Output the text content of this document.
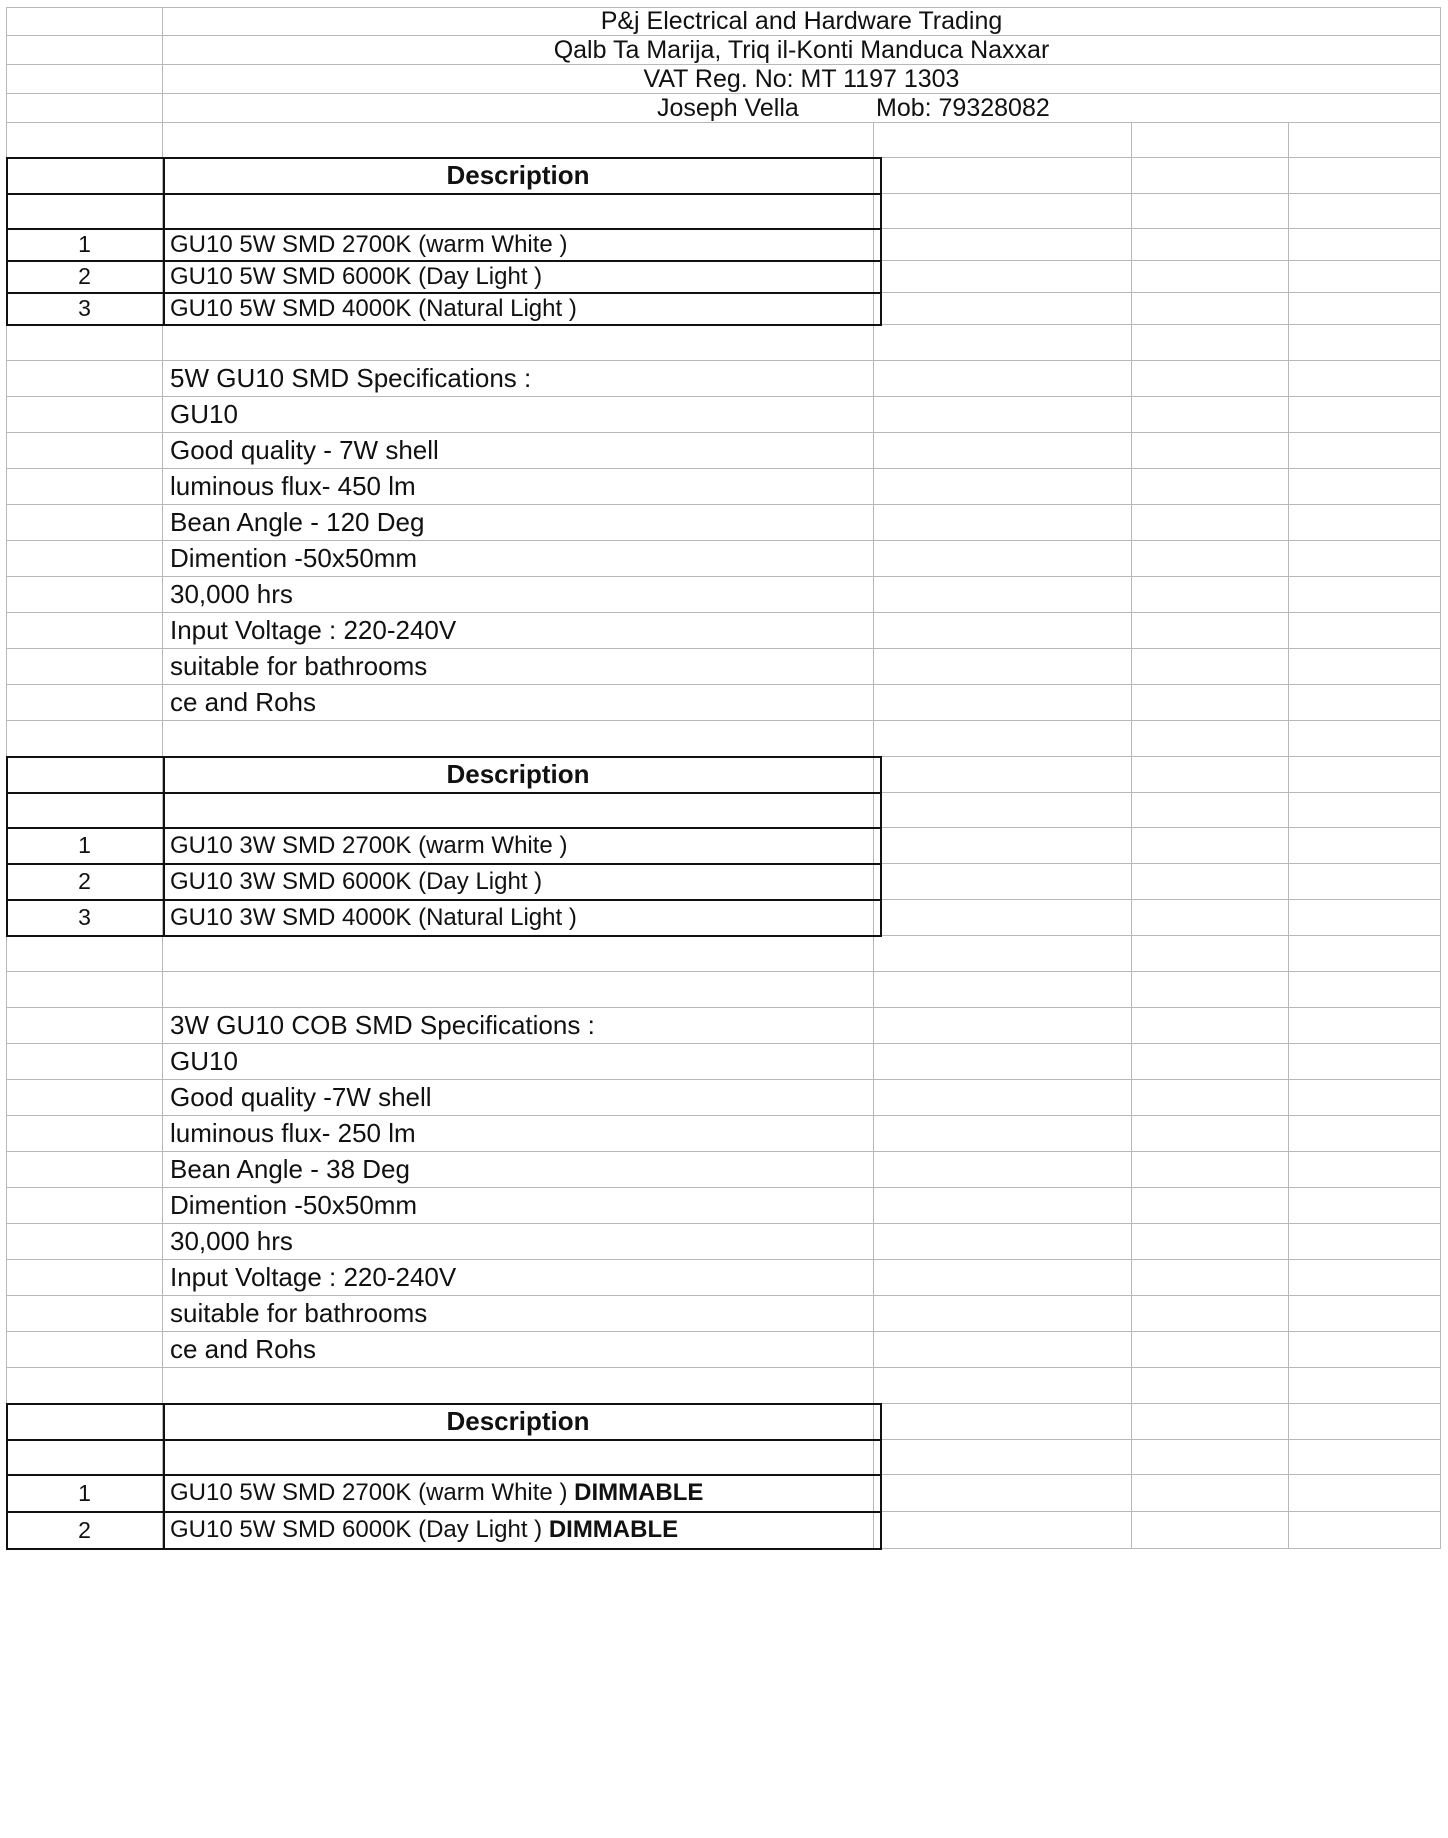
P&j Electrical and Hardware Trading
Qalb Ta Marija, Triq il-Konti Manduca Naxxar
VAT Reg. No: MT 1197 1303
Joseph Vella	Mob: 79328082
Description
1	GU10 5W SMD 2700K (warm White )
2	GU10 5W SMD 6000K (Day Light )
3	GU10 5W SMD 4000K (Natural Light )
5W GU10 SMD Specifications :
GU10
Good quality - 7W shell
luminous flux- 450 lm
Bean Angle - 120 Deg
Dimention -50x50mm
30,000 hrs
Input Voltage : 220-240V
suitable for bathrooms
ce and Rohs
Description
1	GU10 3W SMD 2700K (warm White )
2	GU10 3W SMD 6000K (Day Light )
3	GU10 3W SMD 4000K (Natural Light )
3W GU10 COB SMD Specifications :
GU10
Good quality -7W shell
luminous flux- 250 lm
Bean Angle - 38 Deg
Dimention -50x50mm
30,000 hrs
Input Voltage : 220-240V
suitable for bathrooms
ce and Rohs
Description
1	GU10 5W SMD 2700K (warm White ) DIMMABLE
2	GU10 5W SMD 6000K (Day Light ) DIMMABLE
